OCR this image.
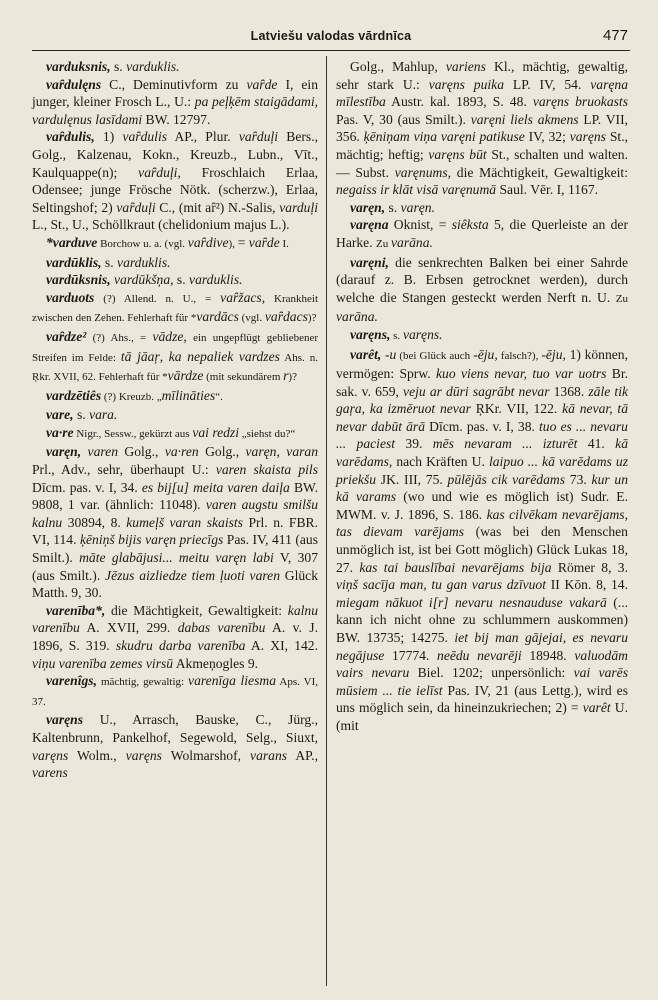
Latviešu valodas vārdnīca	477

varduksnis, s. varduklis.

vaȓdulęns C., Deminutivform zu vaȓde I, ein junger, kleiner Frosch L., U.: pa peļķēm staigādami, vardulęnus lasīdami BW. 12797.

vaȓdulis, 1) vaȓdulis AP., Plur. vaȓduļi Bers., Golg., Kalzenau, Kokn., Kreuzb., Lubn., Vīt., Kaulquappe(n); vaȓduļi, Froschlaich Erlaa, Odensee; junge Frösche Nötk. (scherzw.), Erlaa, Seltingshof; 2) vaȓduļi C., (mit aȓ²) N.-Salis, varduļi L., St., U., Schöllkraut (chelidonium majus L.).

*varduve Borchow u. a. (vgl. vaȓdive), = vaȓde I.

vardūklis, s. varduklis.

vardūksnis, vardūkšņa, s. varduklis.

varduots (?) Allend. n. U., = vaȓžacs, Krankheit zwischen den Zehen. Fehlerhaft für *vardācs (vgl. vaȓdacs)?

vaȓdze² (?) Ahs., = vādze, ein ungepflügt gebliebener Streifen im Felde: tā jāaŗ, ka nepaliek vardzes Ahs. n. Ŗkr. XVII, 62. Fehlerhaft für *vārdze (mit sekundärem r)?

vardzētiês (?) Kreuzb. „mīlināties“.

vare, s. vara.

va·re Nigr., Sessw., gekürzt aus vai redzi „siehst du?“

varęn, varen Golg., va·ren Golg., varęn, varan Prl., Adv., sehr, überhaupt U.: varen skaista pils Dīcm. pas. v. I, 34. es bij[u] meita varen daiļa BW. 9808, 1 var. (ähnlich: 11048). varen augstu smilšu kalnu 30894, 8. kumeļš varan skaists Prl. n. FBR. VI, 114. ķēniņš bijis varęn priecīgs Pas. IV, 411 (aus Smilt.). māte glabājusi... meitu varęn labi V, 307 (aus Smilt.). Jēzus aizliedze tiem ļuoti varen Glück Matth. 9, 30.

varenība*, die Mächtigkeit, Gewaltigkeit: kalnu varenību A. XVII, 299. dabas varenību A. v. J. 1896, S. 319. skudru darba varenība A. XI, 142. viņu varenība zemes virsū Akmeņogles 9.

varenîgs, mächtig, gewaltig: varenīga liesma Aps. VI, 37.

varęns U., Arrasch, Bauske, C., Jürg., Kaltenbrunn, Pankelhof, Segewold, Selg., Siuxt, varęns Wolm., varęns Wolmarshof, varans AP., varens

Golg., Mahlup, variens Kl., mächtig, gewaltig, sehr stark U.: varęns puika LP. IV, 54. varęna mīlestība Austr. kal. 1893, S. 48. varęns bruokasts Pas. V, 30 (aus Smilt.). varęni liels akmens LP. VII, 356. ķēniņam viņa varęni patikuse IV, 32; varęns St., mächtig; heftig; varęns būt St., schalten und walten. — Subst. varęnums, die Mächtigkeit, Gewaltigkeit: negaiss ir klāt visā varęnumā Saul. Vēr. I, 1167.

varęn, s. varęn.

varęna Oknist, = siêksta 5, die Querleiste an der Harke. Zu varāna.

varęni, die senkrechten Balken bei einer Sahrde (darauf z. B. Erbsen getrocknet werden), durch welche die Stangen gesteckt werden Nerft n. U. Zu varāna.

varęns, s. varęns.

varêt, -u (bei Glück auch -ēju, falsch?), -ēju, 1) können, vermögen: Sprw. kuo viens nevar, tuo var uotrs Br. sak. v. 659, veju ar dūri sagrābt nevar 1368. zāle tik gaŗa, ka izmēruot nevar ŖKr. VII, 122. kā nevar, tā nevar dabūt ārā Dīcm. pas. v. I, 38. tuo es ... nevaru ... paciest 39. mēs nevaram ... izturēt 41. kā varēdams, nach Kräften U. laipuo ... kā varēdams uz priekšu JK. III, 75. pūlējās cik varēdams 73. kur un kā varams (wo und wie es möglich ist) Sudr. E. MWM. v. J. 1896, S. 186. kas cilvēkam nevarējams, tas dievam varējams (was bei den Menschen unmöglich ist, ist bei Gott möglich) Glück Lukas 18, 27. kas tai bauslībai nevarējams bija Römer 8, 3. viņš sacīja man, tu gan varus dzīvuot II Kōn. 8, 14. miegam nākuot i[r] nevaru nesnauduse vakarā (... kann ich nicht ohne zu schlummern auskommen) BW. 13735; 14275. iet bij man gājejai, es nevaru negājuse 17774. neēdu nevarēji 18948. valuodām vairs nevaru Biel. 1202; unpersönlich: vai varēs mūsiem ... tie ielīst Pas. IV, 21 (aus Lettg.), wird es uns möglich sein, da hineinzukriechen; 2) = varêt U. (mit
